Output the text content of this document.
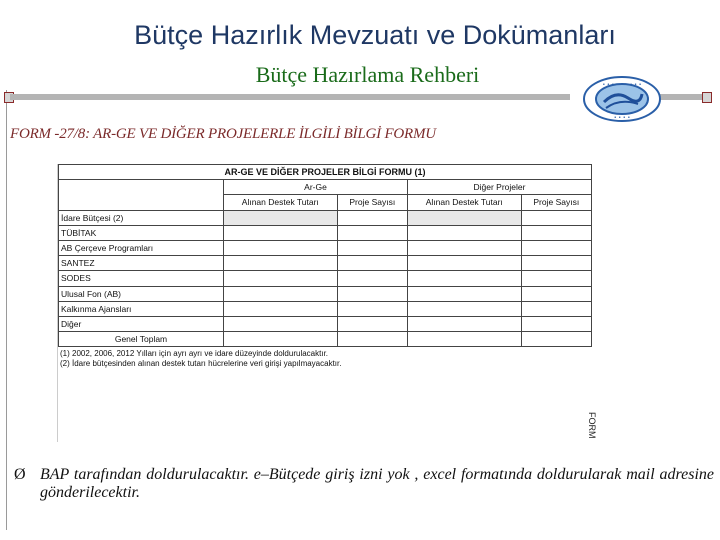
Bütçe Hazırlık Mevzuatı ve Dokümanları
Bütçe Hazırlama Rehberi	• • • • • • • • •
• • • •
FORM -27/8: AR-GE VE DİĞER PROJELERLE İLGİLİ BİLGİ FORMU
AR-GE VE DİĞER PROJELER BİLGİ FORMU (1)				
	Ar-Ge		Diğer Projeler	
	Alınan Destek Tutarı	Proje Sayısı	Alınan Destek Tutarı	Proje Sayısı
İdare Bütçesi (2)				
TÜBİTAK				
AB Çerçeve Programları				
SANTEZ				
SODES				
Ulusal Fon (AB)				
Kalkınma Ajansları				
Diğer				
Genel Toplam				
(1) 2002, 2006, 2012 Yılları için ayrı ayrı ve idare düzeyinde doldurulacaktır.
(2) İdare bütçesinden alınan destek tutarı hücrelerine veri girişi yapılmayacaktır.
FORM
Ø BAP tarafından doldurulacaktır. e–Bütçede giriş izni yok , excel formatında doldurularak mail adresine gönderilecektir.
